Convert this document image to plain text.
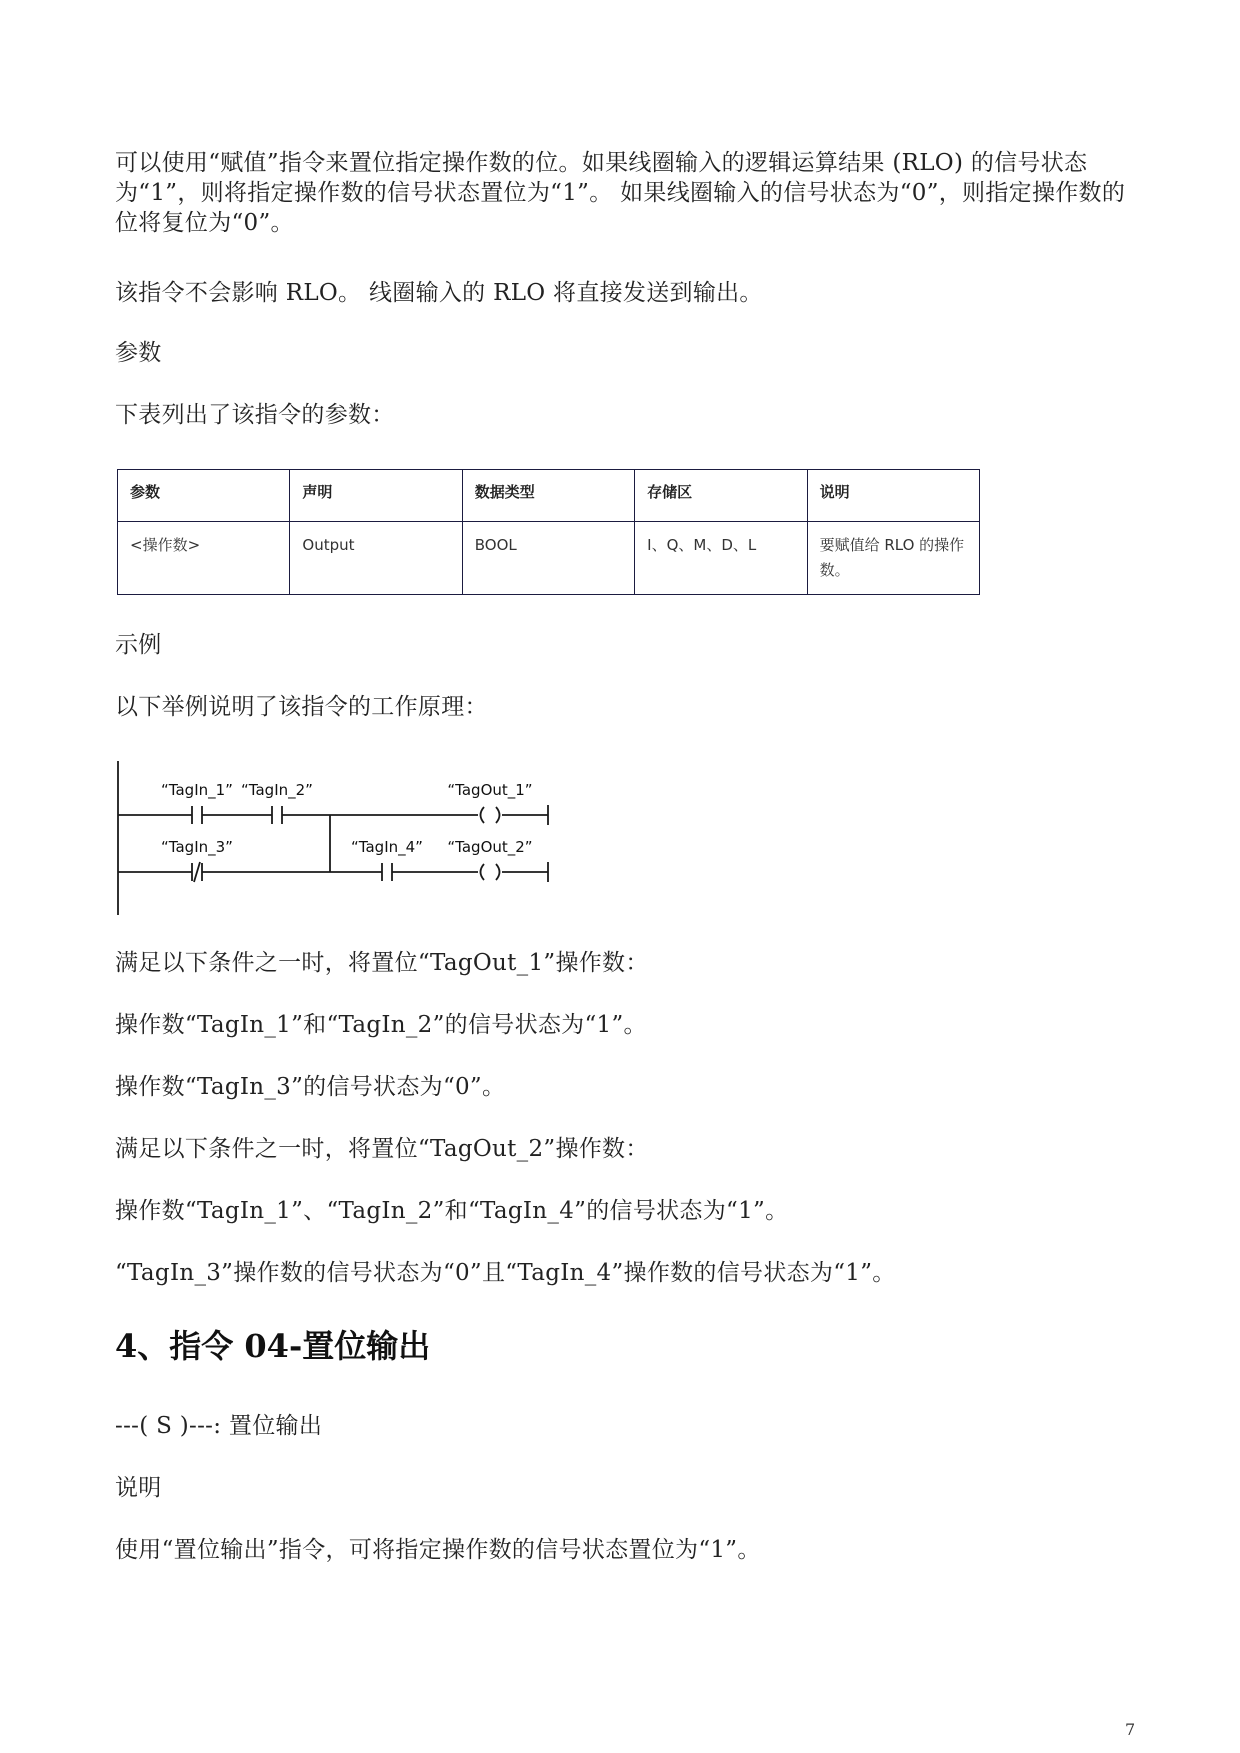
可以使用“赋值”指令来置位指定操作数的位。如果线圈输入的逻辑运算结果 (RLO) 的信号状态为“1”，则将指定操作数的信号状态置位为“1”。 如果线圈输入的信号状态为“0”，则指定操作数的位将复位为“0”。

该指令不会影响 RLO。 线圈输入的 RLO 将直接发送到输出。

参数

下表列出了该指令的参数：

参数	声明	数据类型	存储区	说明
<操作数>	Output	BOOL	I、Q、M、D、L	要赋值给 RLO 的操作数。

示例

以下举例说明了该指令的工作原理：

“TagIn_1” “TagIn_2”	“TagOut_1”
“TagIn_3”	“TagIn_4” “TagOut_2”

满足以下条件之一时，将置位“TagOut_1”操作数：

操作数“TagIn_1”和“TagIn_2”的信号状态为“1”。

操作数“TagIn_3”的信号状态为“0”。

满足以下条件之一时，将置位“TagOut_2”操作数：

操作数“TagIn_1”、“TagIn_2”和“TagIn_4”的信号状态为“1”。

“TagIn_3”操作数的信号状态为“0”且“TagIn_4”操作数的信号状态为“1”。

4、指令 04-置位输出

---( S )---: 置位输出

说明

使用“置位输出”指令，可将指定操作数的信号状态置位为“1”。

7
